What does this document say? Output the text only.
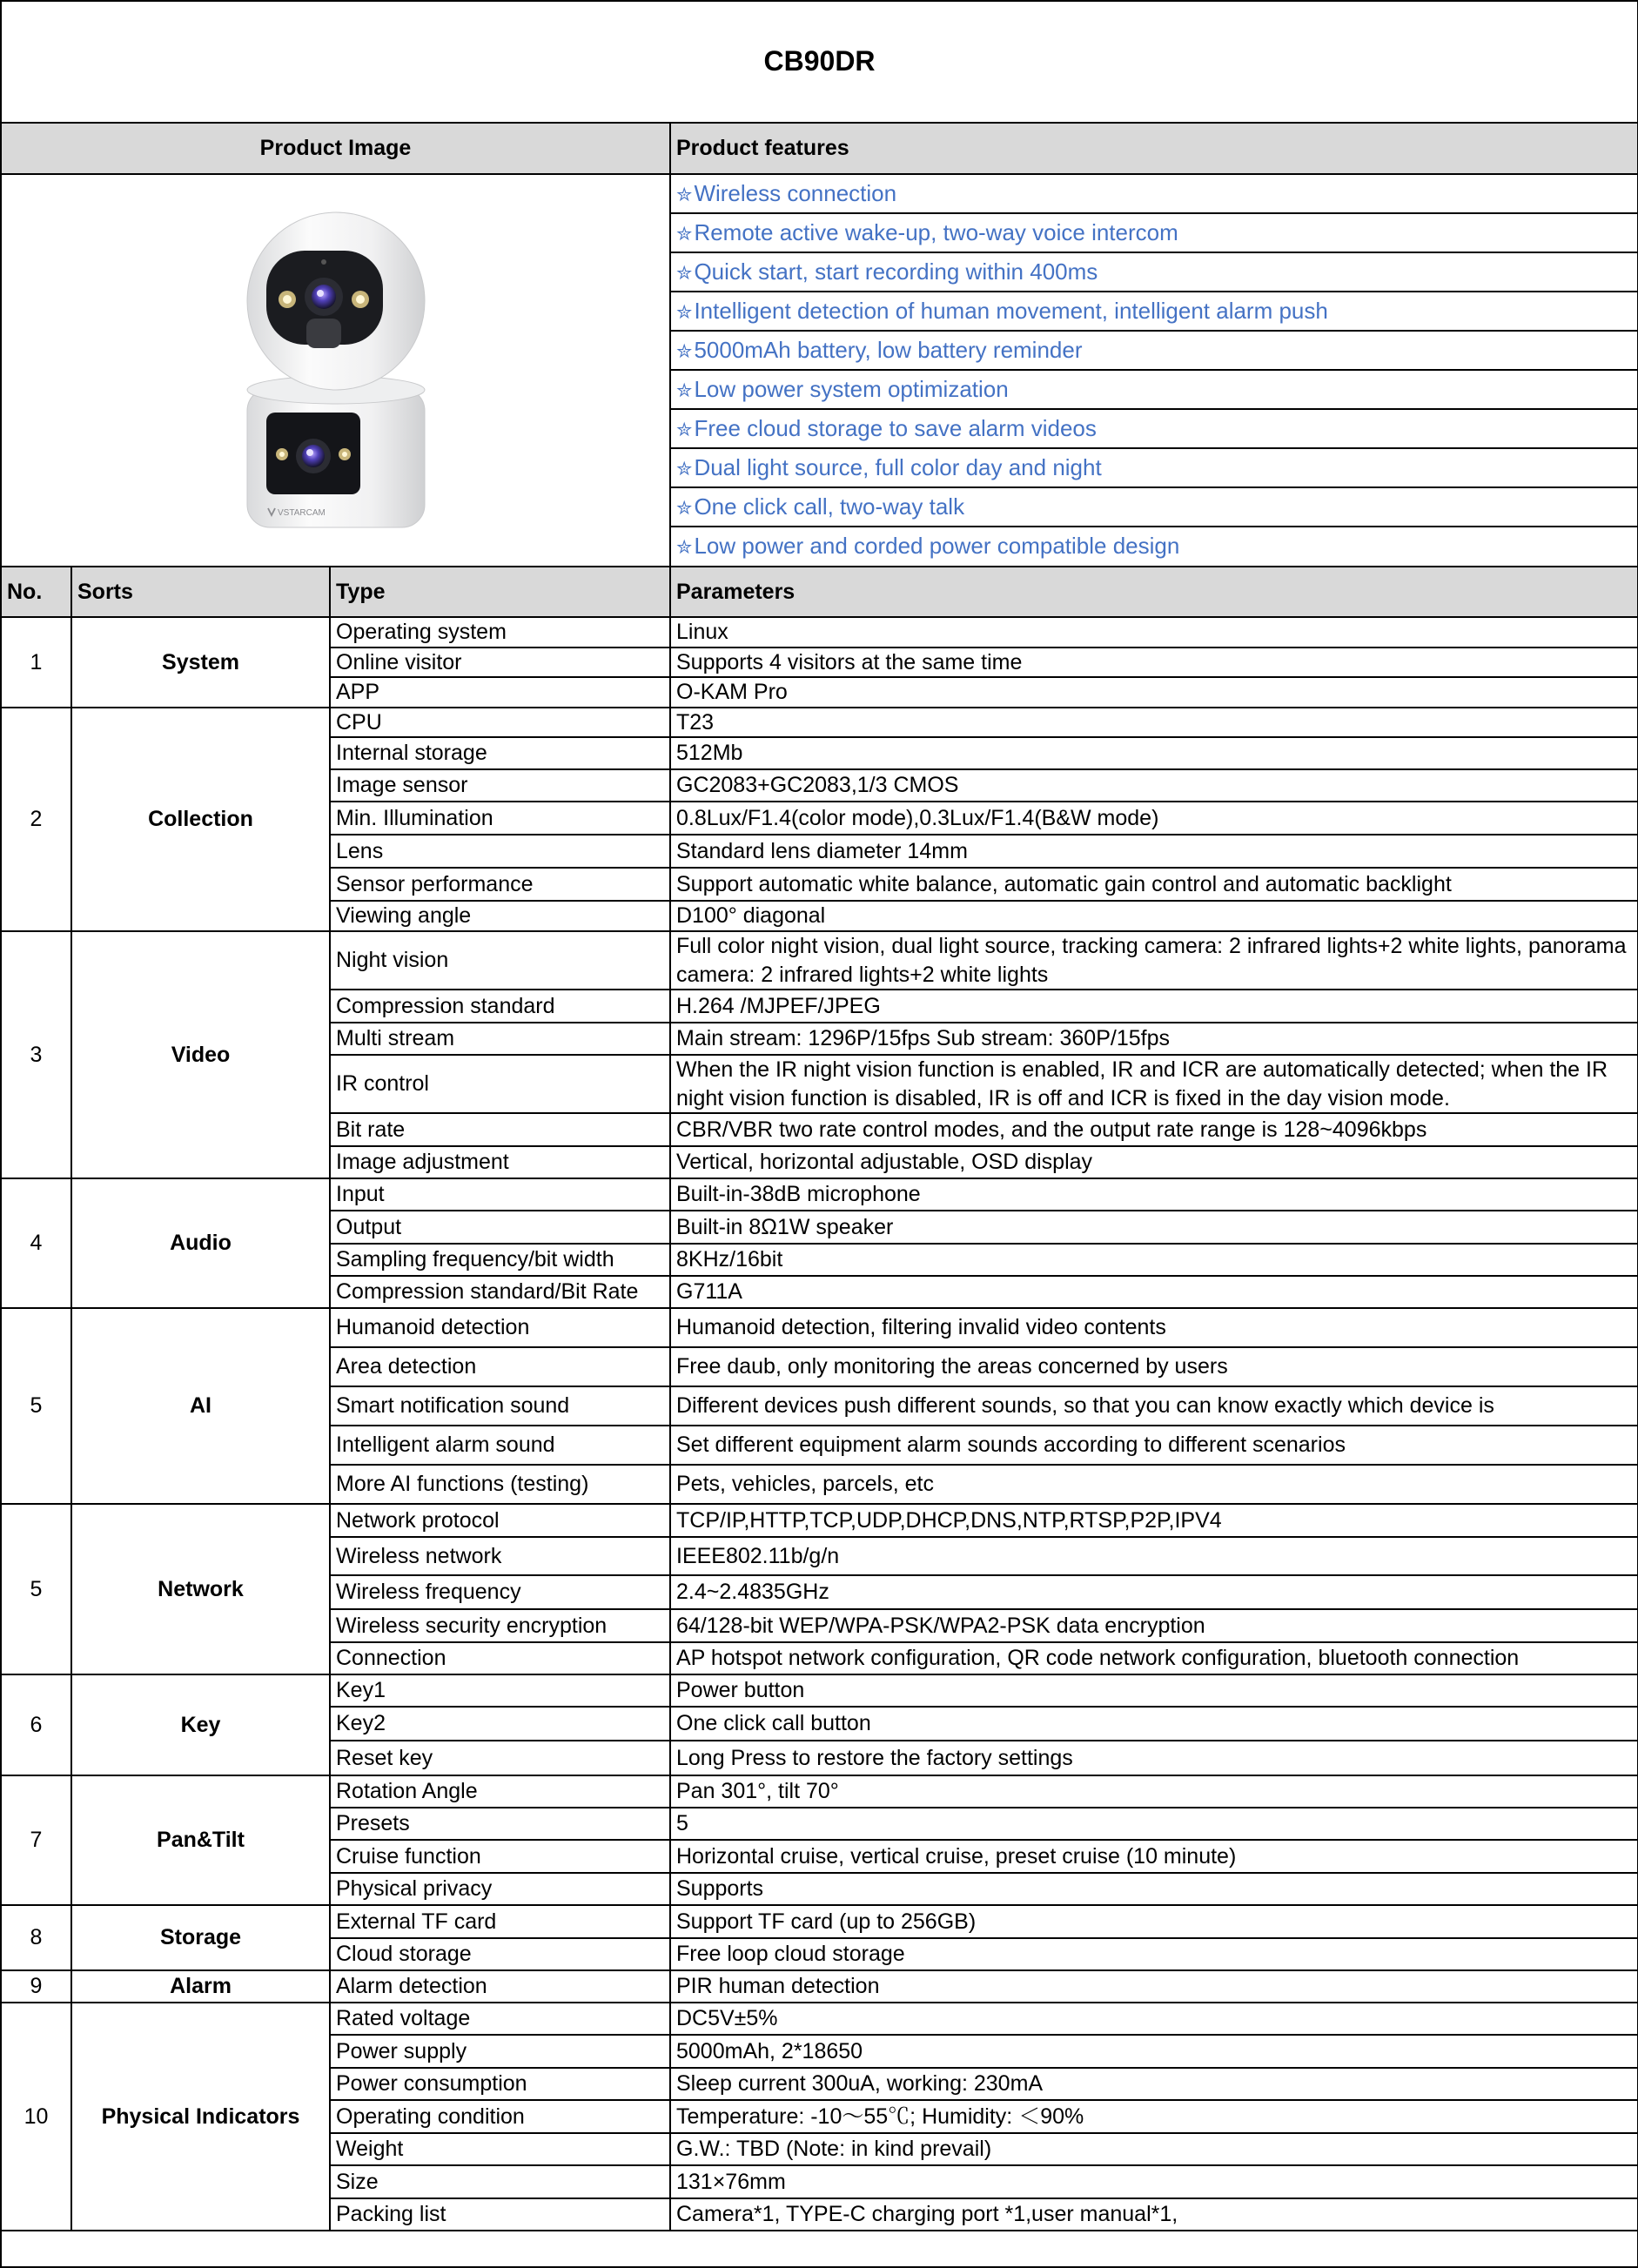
CB90DR			
Product Image			Product features

VSTARCAM			✮Wireless connection
			✮Remote active wake-up, two-way voice intercom
			✮Quick start, start recording within 400ms
			✮Intelligent detection of human movement, intelligent alarm push
			✮5000mAh battery, low battery reminder
			✮Low power system optimization
			✮Free cloud storage to save alarm videos
			✮Dual light source, full color day and night
			✮One click call, two-way talk
			✮Low power and corded power compatible design
No.	Sorts	Type	Parameters
1	System	Operating system	Linux
		Online visitor	Supports 4 visitors at the same time
		APP	O-KAM Pro
2	Collection	CPU	T23
		Internal storage	512Mb
		Image sensor	GC2083+GC2083,1/3 CMOS
		Min. Illumination	0.8Lux/F1.4(color mode),0.3Lux/F1.4(B&W mode)
		Lens	Standard lens diameter 14mm
		Sensor performance	Support automatic white balance, automatic gain control and automatic backlight
		Viewing angle	D100° diagonal
3	Video	Night vision	Full color night vision, dual light source, tracking camera: 2 infrared lights+2 white lights, panorama camera: 2 infrared lights+2 white lights
		Compression standard	H.264 /MJPEF/JPEG
		Multi stream	Main stream: 1296P/15fps Sub stream: 360P/15fps
		IR control	When the IR night vision function is enabled, IR and ICR are automatically detected; when the IR night vision function is disabled, IR is off and ICR is fixed in the day vision mode.
		Bit rate	CBR/VBR two rate control modes, and the output rate range is 128~4096kbps
		Image adjustment	Vertical, horizontal adjustable, OSD display
4	Audio	Input	Built-in-38dB microphone
		Output	Built-in 8Ω1W speaker
		Sampling frequency/bit width	8KHz/16bit
		Compression standard/Bit Rate	G711A
5	AI	Humanoid detection	Humanoid detection, filtering invalid video contents
		Area detection	Free daub, only monitoring the areas concerned by users
		Smart notification sound	Different devices push different sounds, so that you can know exactly which device is
		Intelligent alarm sound	Set different equipment alarm sounds according to different scenarios
		More AI functions (testing)	Pets, vehicles, parcels, etc
5	Network	Network protocol	TCP/IP,HTTP,TCP,UDP,DHCP,DNS,NTP,RTSP,P2P,IPV4
		Wireless network	IEEE802.11b/g/n
		Wireless frequency	2.4~2.4835GHz
		Wireless security encryption	64/128-bit WEP/WPA-PSK/WPA2-PSK data encryption
		Connection	AP hotspot network configuration, QR code network configuration, bluetooth connection
6	Key	Key1	Power button
		Key2	One click call button
		Reset key	Long Press to restore the factory settings
7	Pan&Tilt	Rotation Angle	Pan 301°, tilt 70°
		Presets	5
		Cruise function	Horizontal cruise, vertical cruise, preset cruise (10 minute)
		Physical privacy	Supports
8	Storage	External TF card	Support TF card (up to 256GB)
		Cloud storage	Free loop cloud storage
9	Alarm	Alarm detection	PIR human detection
10	Physical Indicators	Rated voltage	DC5V±5%
		Power supply	5000mAh, 2*18650
		Power consumption	Sleep current 300uA, working: 230mA
		Operating condition	Temperature: -10～55℃; Humidity: ＜90%
		Weight	G.W.: TBD (Note: in kind prevail)
		Size	131×76mm
		Packing list	Camera*1, TYPE-C charging port *1,user manual*1,
